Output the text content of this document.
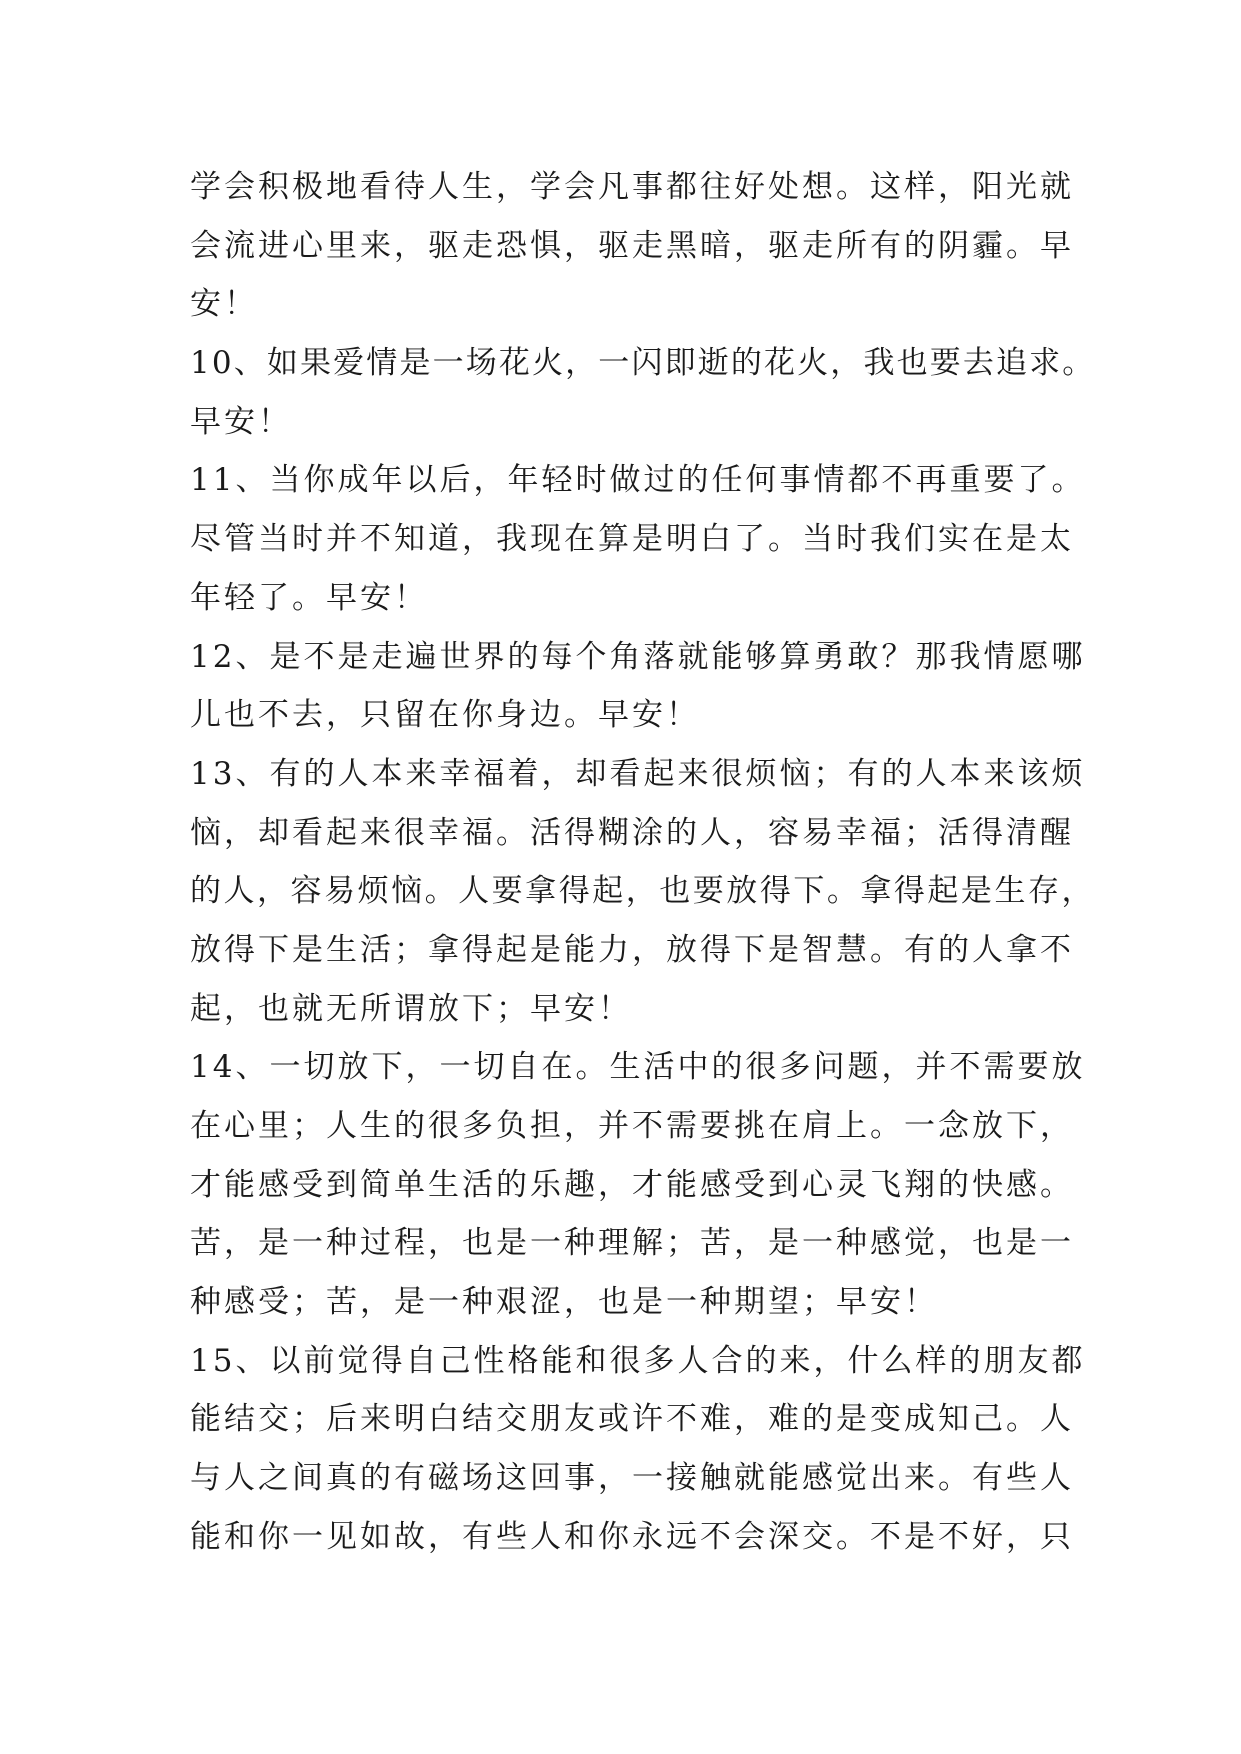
学会积极地看待人生，学会凡事都往好处想。这样，阳光就
会流进心里来，驱走恐惧，驱走黑暗，驱走所有的阴霾。早
安！
10、如果爱情是一场花火，一闪即逝的花火，我也要去追求。
早安！
11、当你成年以后，年轻时做过的任何事情都不再重要了。
尽管当时并不知道，我现在算是明白了。当时我们实在是太
年轻了。早安！
12、是不是走遍世界的每个角落就能够算勇敢？那我情愿哪
儿也不去，只留在你身边。早安！
13、有的人本来幸福着，却看起来很烦恼；有的人本来该烦
恼，却看起来很幸福。活得糊涂的人，容易幸福；活得清醒
的人，容易烦恼。人要拿得起，也要放得下。拿得起是生存，
放得下是生活；拿得起是能力，放得下是智慧。有的人拿不
起，也就无所谓放下；早安！
14、一切放下，一切自在。生活中的很多问题，并不需要放
在心里；人生的很多负担，并不需要挑在肩上。一念放下，
才能感受到简单生活的乐趣，才能感受到心灵飞翔的快感。
苦，是一种过程，也是一种理解；苦，是一种感觉，也是一
种感受；苦，是一种艰涩，也是一种期望；早安！
15、以前觉得自己性格能和很多人合的来，什么样的朋友都
能结交；后来明白结交朋友或许不难，难的是变成知己。人
与人之间真的有磁场这回事，一接触就能感觉出来。有些人
能和你一见如故，有些人和你永远不会深交。不是不好，只
